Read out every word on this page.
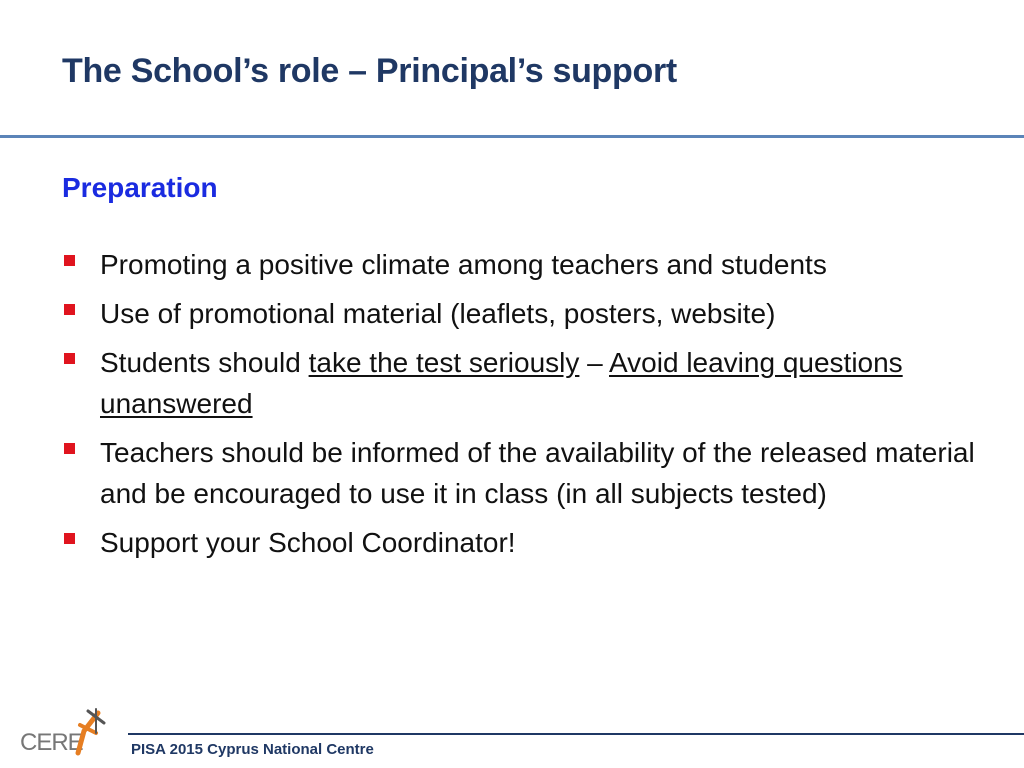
The School’s role – Principal’s support
Preparation
Promoting a positive climate among teachers and students
Use of promotional material (leaflets, posters, website)
Students should take the test seriously – Avoid leaving questions unanswered
Teachers should be informed of the availability of the released material and be encouraged to use it in class (in all subjects tested)
Support your School Coordinator!
CERE	PISA 2015 Cyprus National Centre
